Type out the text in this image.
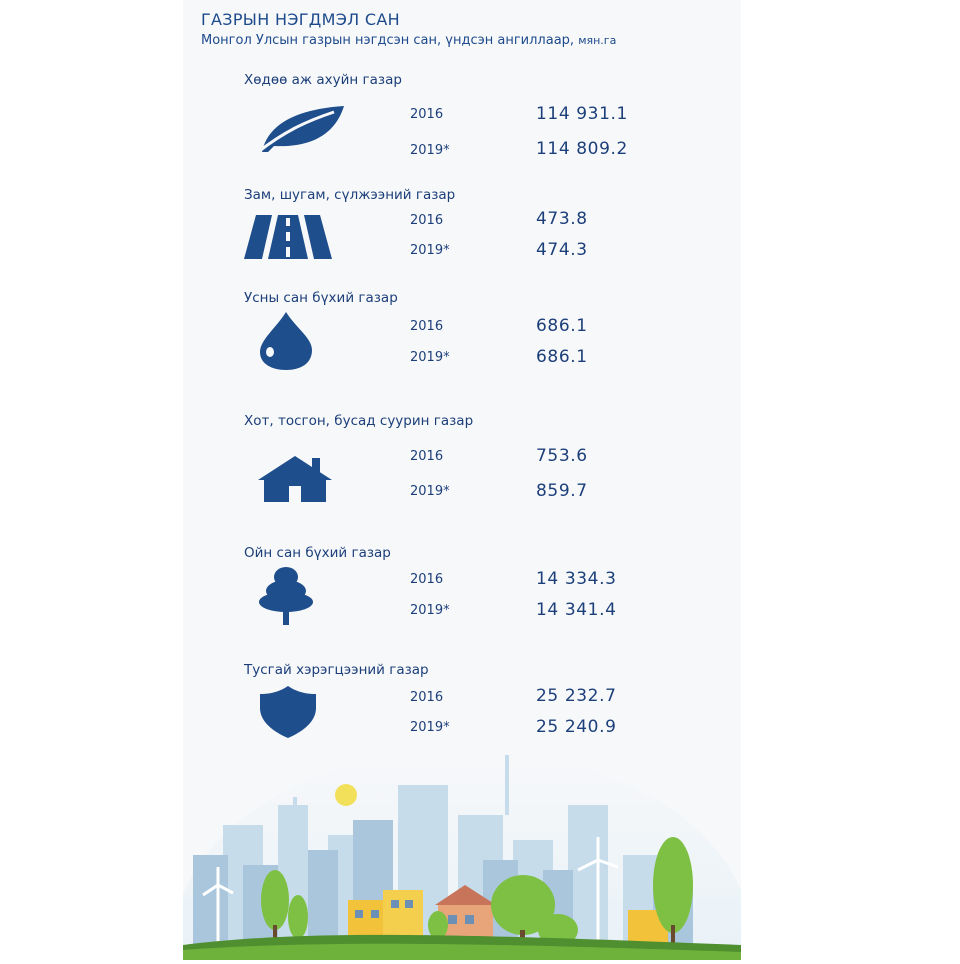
ГАЗРЫН НЭГДМЭЛ САН
Монгол Улсын газрын нэгдсэн сан, үндсэн ангиллаар, мян.га
Хөдөө аж ахуйн газар
2016	114 931.1
2019*	114 809.2
Зам, шугам, сүлжээний газар
2016	473.8
2019*	474.3
Усны сан бүхий газар
2016	686.1
2019*	686.1
Хот, тосгон, бусад суурин газар
2016	753.6
2019*	859.7
Ойн сан бүхий газар
2016	14 334.3
2019*	14 341.4
Тусгай хэрэгцээний газар
2016	25 232.7
2019*	25 240.9
